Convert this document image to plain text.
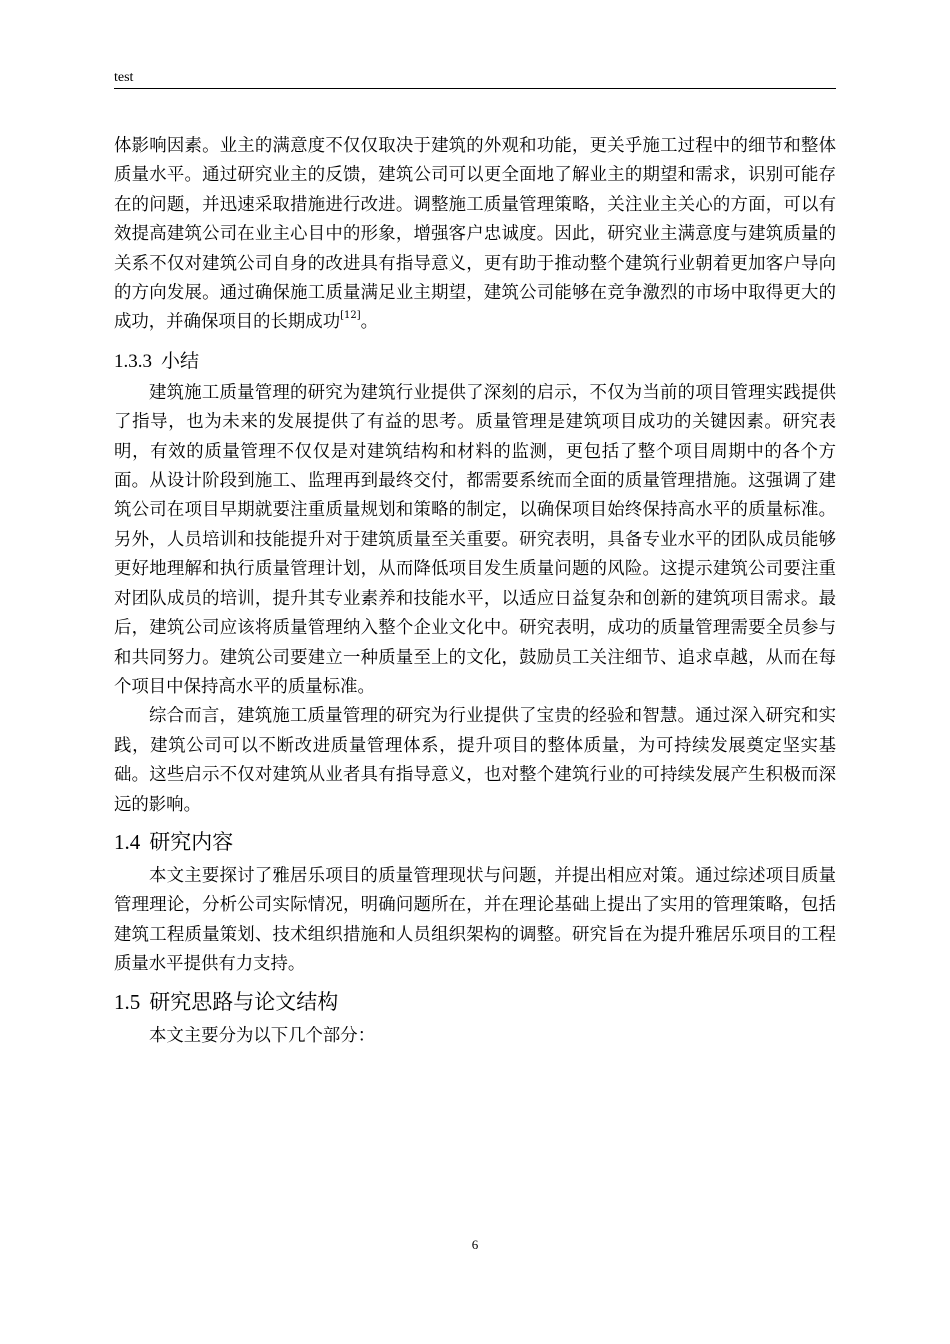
test

体影响因素。业主的满意度不仅仅取决于建筑的外观和功能，更关乎施工过程中的细节和整体质量水平。通过研究业主的反馈，建筑公司可以更全面地了解业主的期望和需求，识别可能存在的问题，并迅速采取措施进行改进。调整施工质量管理策略，关注业主关心的方面，可以有效提高建筑公司在业主心目中的形象，增强客户忠诚度。因此，研究业主满意度与建筑质量的关系不仅对建筑公司自身的改进具有指导意义，更有助于推动整个建筑行业朝着更加客户导向的方向发展。通过确保施工质量满足业主期望，建筑公司能够在竞争激烈的市场中取得更大的成功，并确保项目的长期成功[12]。

1.3.3 小结

建筑施工质量管理的研究为建筑行业提供了深刻的启示，不仅为当前的项目管理实践提供了指导，也为未来的发展提供了有益的思考。质量管理是建筑项目成功的关键因素。研究表明，有效的质量管理不仅仅是对建筑结构和材料的监测，更包括了整个项目周期中的各个方面。从设计阶段到施工、监理再到最终交付，都需要系统而全面的质量管理措施。这强调了建筑公司在项目早期就要注重质量规划和策略的制定，以确保项目始终保持高水平的质量标准。另外，人员培训和技能提升对于建筑质量至关重要。研究表明，具备专业水平的团队成员能够更好地理解和执行质量管理计划，从而降低项目发生质量问题的风险。这提示建筑公司要注重对团队成员的培训，提升其专业素养和技能水平，以适应日益复杂和创新的建筑项目需求。最后，建筑公司应该将质量管理纳入整个企业文化中。研究表明，成功的质量管理需要全员参与和共同努力。建筑公司要建立一种质量至上的文化，鼓励员工关注细节、追求卓越，从而在每个项目中保持高水平的质量标准。

综合而言，建筑施工质量管理的研究为行业提供了宝贵的经验和智慧。通过深入研究和实践，建筑公司可以不断改进质量管理体系，提升项目的整体质量，为可持续发展奠定坚实基础。这些启示不仅对建筑从业者具有指导意义，也对整个建筑行业的可持续发展产生积极而深远的影响。

1.4 研究内容

本文主要探讨了雅居乐项目的质量管理现状与问题，并提出相应对策。通过综述项目质量管理理论，分析公司实际情况，明确问题所在，并在理论基础上提出了实用的管理策略，包括建筑工程质量策划、技术组织措施和人员组织架构的调整。研究旨在为提升雅居乐项目的工程质量水平提供有力支持。

1.5 研究思路与论文结构

本文主要分为以下几个部分：

6
